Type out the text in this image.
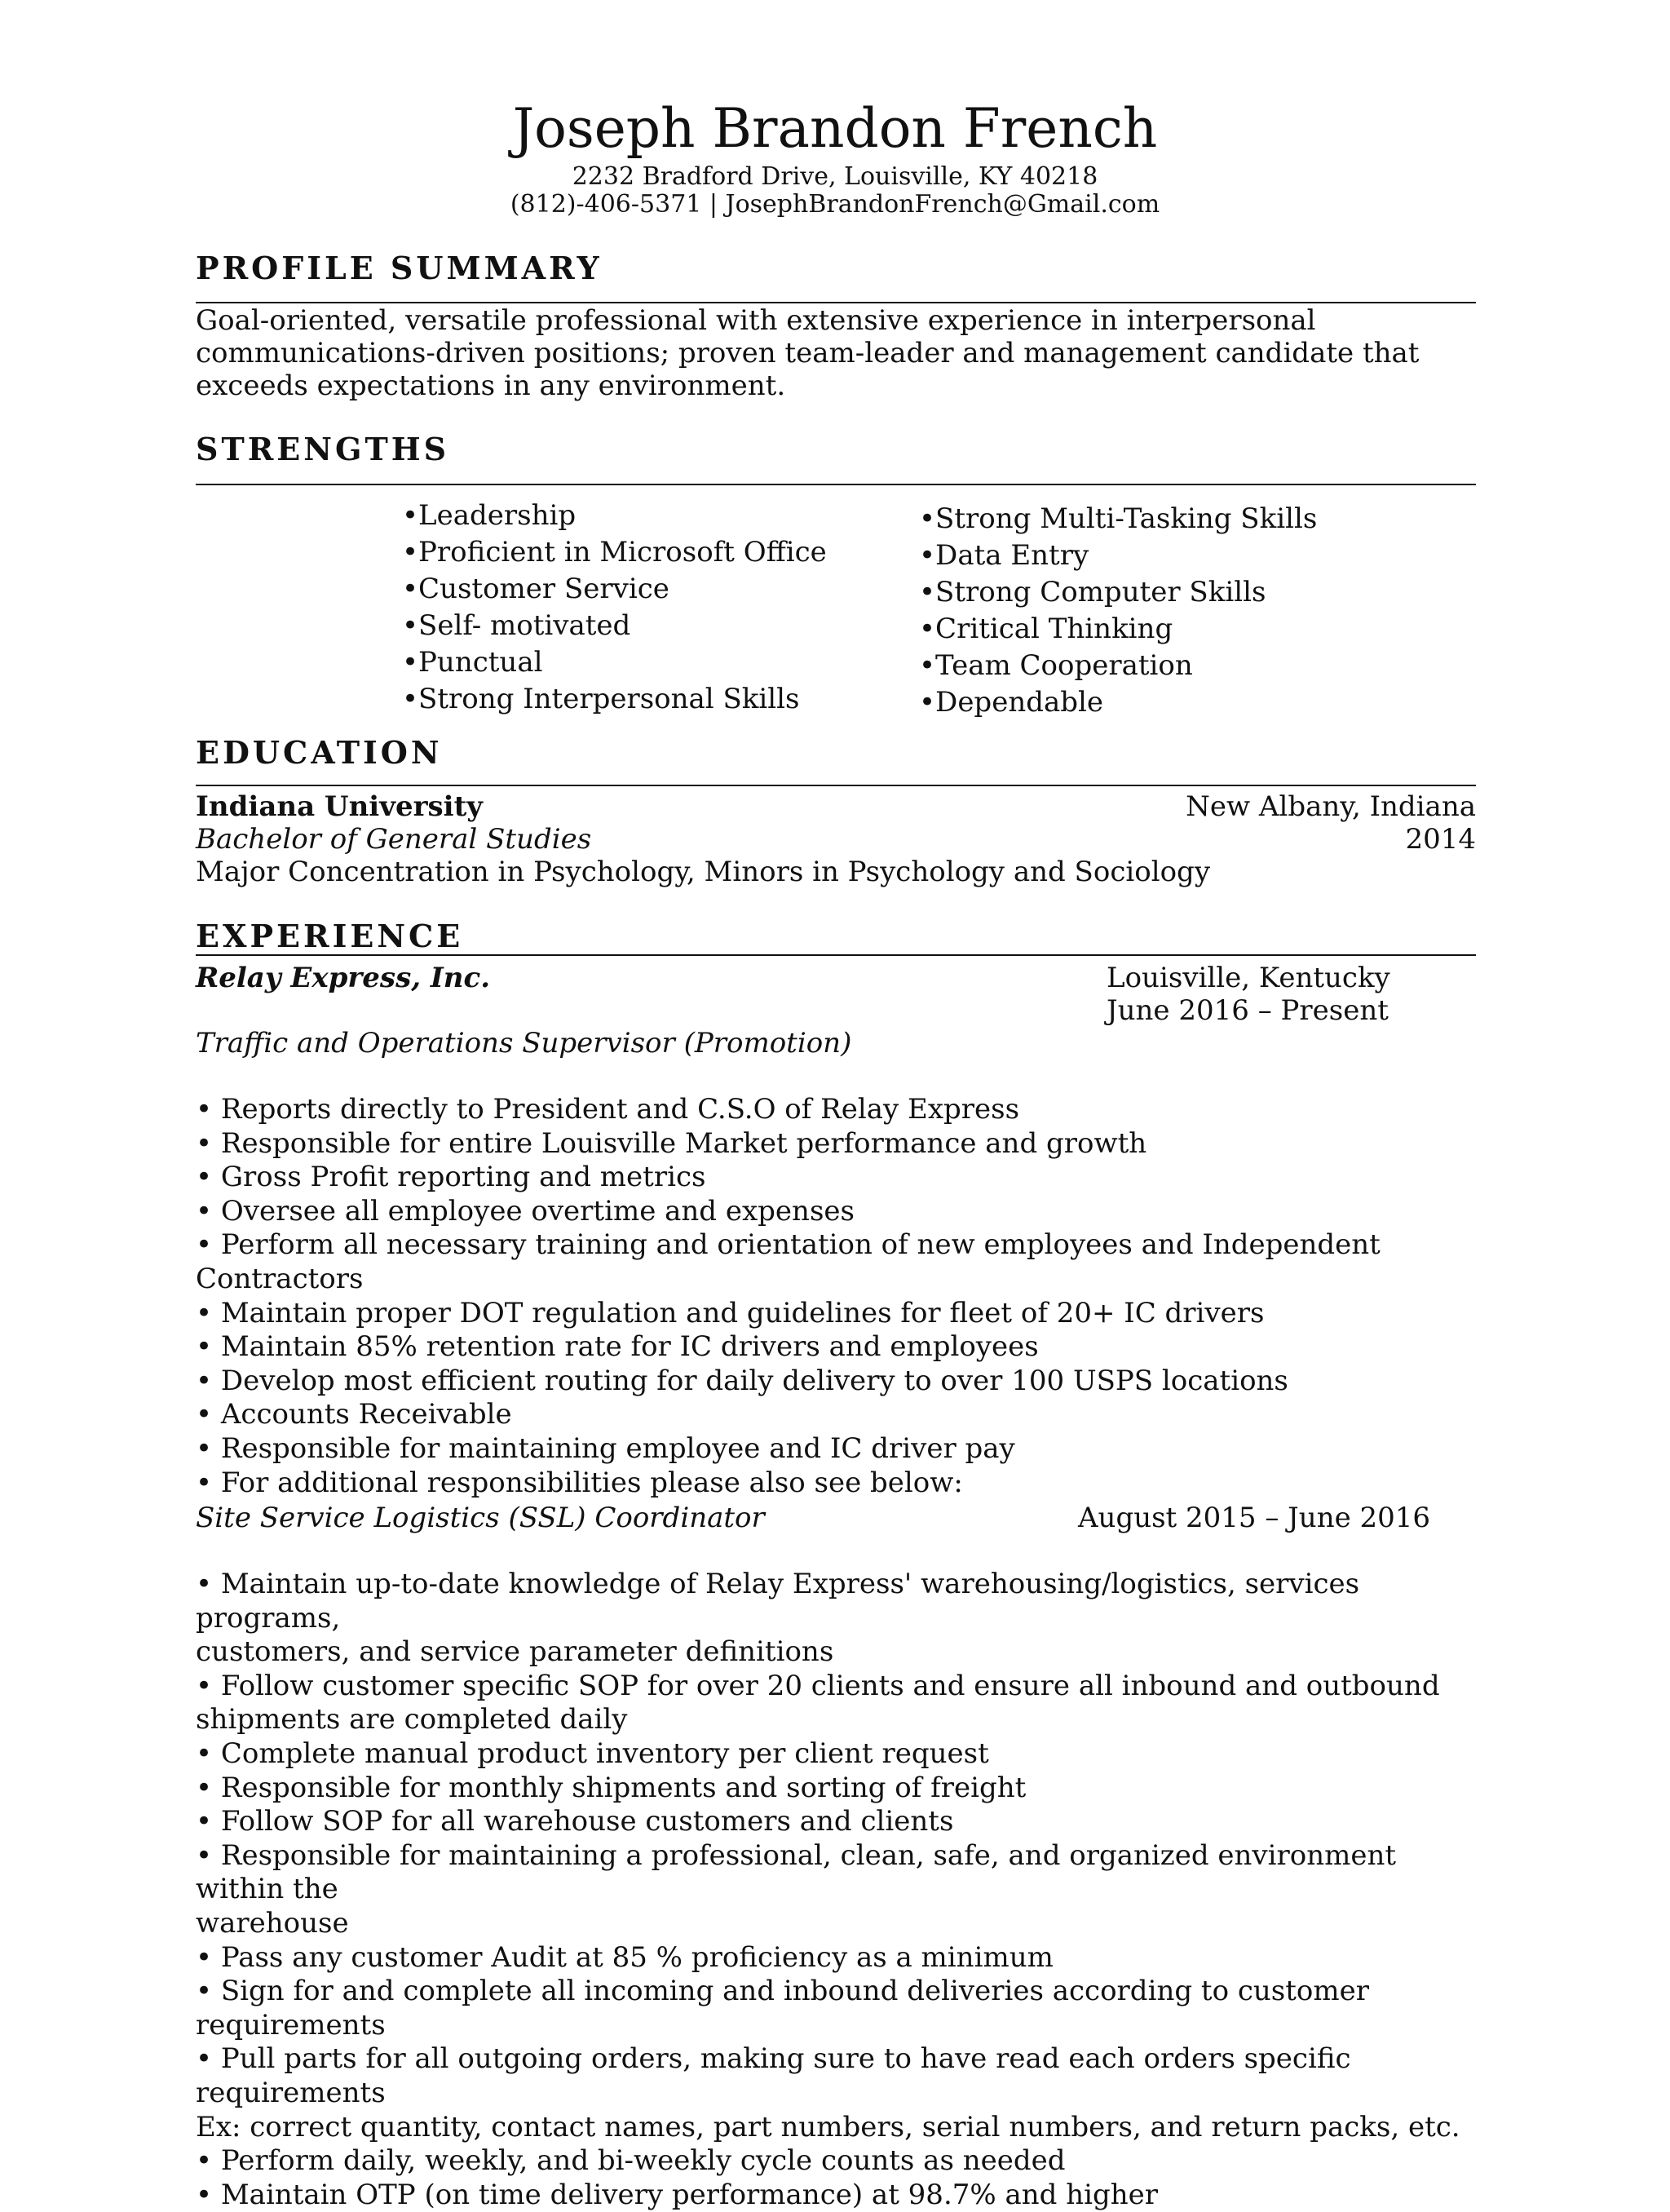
Joseph Brandon French
2232 Bradford Drive, Louisville, KY 40218
(812)-406-5371 | JosephBrandonFrench@Gmail.com
PROFILE SUMMARY
Goal-oriented, versatile professional with extensive experience in interpersonal
communications-driven positions; proven team-leader and management candidate that
exceeds expectations in any environment.
STRENGTHS
•Leadership
•Proficient in Microsoft Office
•Customer Service
•Self- motivated
•Punctual
•Strong Interpersonal Skills
•Strong Multi-Tasking Skills
•Data Entry
•Strong Computer Skills
•Critical Thinking
•Team Cooperation
•Dependable
EDUCATION
Indiana University	New Albany, Indiana
Bachelor of General Studies	2014
Major Concentration in Psychology, Minors in Psychology and Sociology
EXPERIENCE
Relay Express, Inc.	Louisville, Kentucky
June 2016 – Present
Traffic and Operations Supervisor (Promotion)
• Reports directly to President and C.S.O of Relay Express
• Responsible for entire Louisville Market performance and growth
• Gross Profit reporting and metrics
• Oversee all employee overtime and expenses
• Perform all necessary training and orientation of new employees and Independent Contractors
• Maintain proper DOT regulation and guidelines for fleet of 20+ IC drivers
• Maintain 85% retention rate for IC drivers and employees
• Develop most efficient routing for daily delivery to over 100 USPS locations
• Accounts Receivable
• Responsible for maintaining employee and IC driver pay
• For additional responsibilities please also see below:
Site Service Logistics (SSL) Coordinator	August 2015 – June 2016
• Maintain up-to-date knowledge of Relay Express' warehousing/logistics, services programs,
customers, and service parameter definitions
• Follow customer specific SOP for over 20 clients and ensure all inbound and outbound
shipments are completed daily
• Complete manual product inventory per client request
• Responsible for monthly shipments and sorting of freight
• Follow SOP for all warehouse customers and clients
• Responsible for maintaining a professional, clean, safe, and organized environment within the
warehouse
• Pass any customer Audit at 85 % proficiency as a minimum
• Sign for and complete all incoming and inbound deliveries according to customer requirements
• Pull parts for all outgoing orders, making sure to have read each orders specific requirements
Ex: correct quantity, contact names, part numbers, serial numbers, and return packs, etc.
• Perform daily, weekly, and bi-weekly cycle counts as needed
• Maintain OTP (on time delivery performance) at 98.7% and higher
